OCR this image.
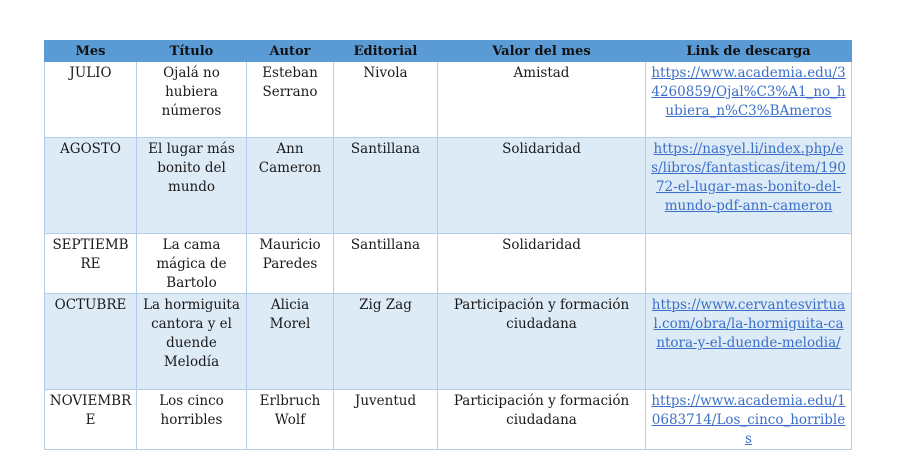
Mes	Título	Autor	Editorial	Valor del mes	Link de descarga
JULIO	Ojalá no hubiera números	Esteban Serrano	Nivola	Amistad	https://www.academia.edu/34260859/Ojal%C3%A1_no_hubiera_n%C3%BAmeros
AGOSTO	El lugar más bonito del mundo	Ann Cameron	Santillana	Solidaridad	https://nasyel.li/index.php/es/libros/fantasticas/item/19072-el-lugar-mas-bonito-del-mundo-pdf-ann-cameron
SEPTIEMBRE	La cama mágica de Bartolo	Mauricio Paredes	Santillana	Solidaridad	
OCTUBRE	La hormiguita cantora y el duende Melodía	Alicia Morel	Zig Zag	Participación y formación ciudadana	https://www.cervantesvirtual.com/obra/la-hormiguita-cantora-y-el-duende-melodia/
NOVIEMBRE	Los cinco horribles	Erlbruch Wolf	Juventud	Participación y formación ciudadana	https://www.academia.edu/10683714/Los_cinco_horribles
